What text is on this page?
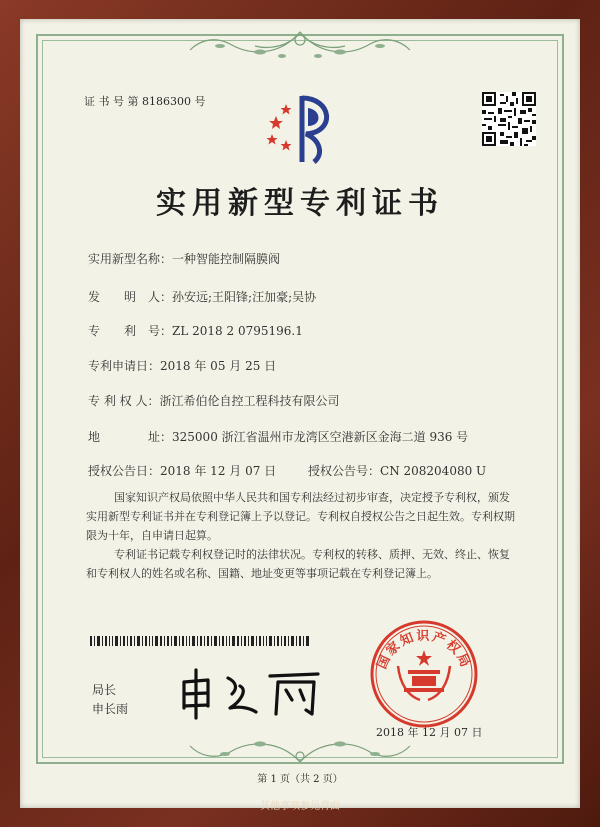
证 书 号 第 8186300 号
实用新型专利证书
实用新型名称：一种智能控制隔膜阀
发　　明　人：孙安远;王阳锋;汪加豪;吴协
专　　利　号：ZL 2018 2 0795196.1
专利申请日：2018 年 05 月 25 日
专 利 权 人：浙江希伯伦自控工程科技有限公司
地　　　　址：325000 浙江省温州市龙湾区空港新区金海二道 936 号
授权公告日：2018 年 12 月 07 日	授权公告号：CN 208204080 U
国家知识产权局依照中华人民共和国专利法经过初步审查，决定授予专利权，颁发实用新型专利证书并在专利登记簿上予以登记。专利权自授权公告之日起生效。专利权期限为十年，自申请日起算。
专利证书记载专利权登记时的法律状况。专利权的转移、质押、无效、终止、恢复和专利权人的姓名或名称、国籍、地址变更等事项记载在专利登记簿上。
局长
申长雨
国家知识产权局
2018 年 12 月 07 日
第 1 页（共 2 页）
其他事项参见背面
